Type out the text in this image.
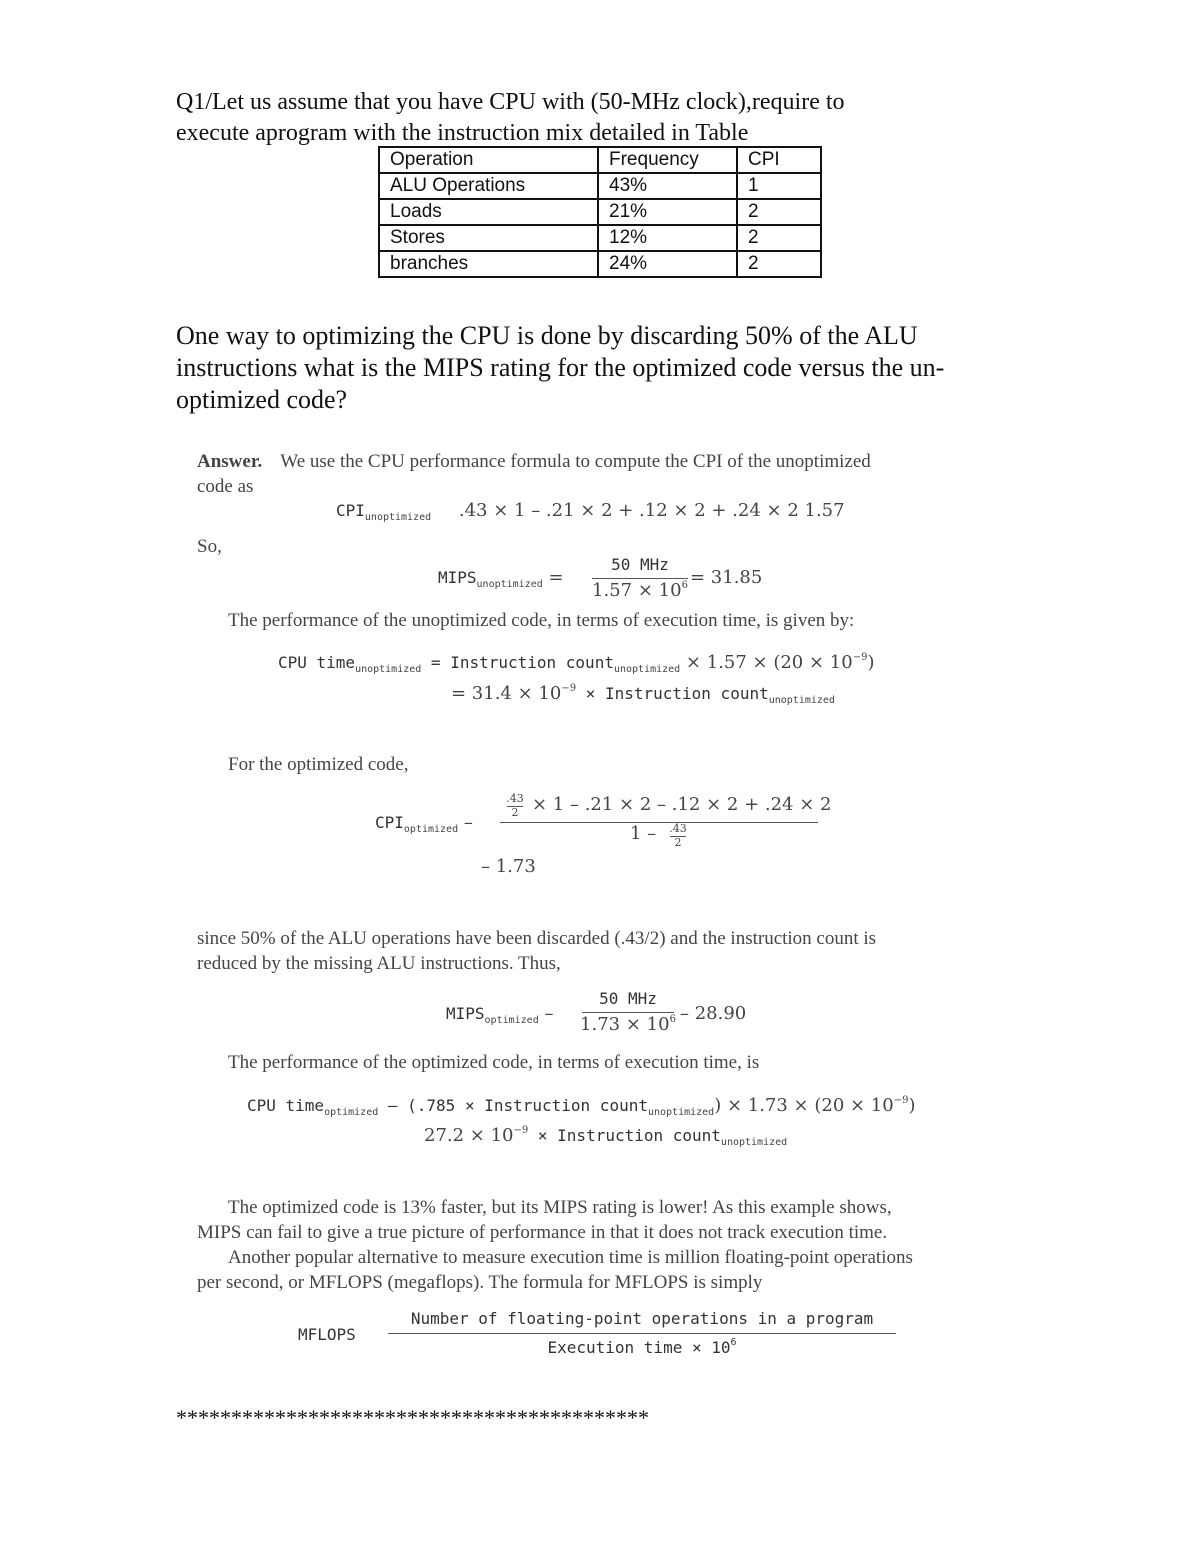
Q1/Let us assume that you have CPU with (50-MHz clock),require to
execute aprogram with the instruction mix detailed in Table
Operation	Frequency	CPI
ALU Operations	43%	1
Loads	21%	2
Stores	12%	2
branches	24%	2
One way to optimizing the CPU is done by discarding 50% of the ALU
instructions what is the MIPS rating for the optimized code versus the un-
optimized code?
Answer. We use the CPU performance formula to compute the CPI of the unoptimized
code as
$CPI_{unoptimized}$ .43 × 1 – .21 × 2 + .12 × 2 + .24 × 2 1.57
So,
$MIPS_{unoptimized}$ =
50 MHz
$1.57 \times 10^6 = 31.85$
The performance of the unoptimized code, in terms of execution time, is given by:
CPU time$_{unoptimized}$ = Instruction count$_{unoptimized}$ × $1.57 \times (20 \times 10^{-9})$
= $31.4 \times 10^{-9}$ × Instruction count$_{unoptimized}$
For the optimized code,
$CPI_{optimized}$ –
.43
2 × 1 – .21 × 2 – .12 × 2 + .24 × 2
1 – .43
2
– 1.73
since 50% of the ALU operations have been discarded (.43/2) and the instruction count is
reduced by the missing ALU instructions. Thus,
$MIPS_{optimized}$ –
50 MHz
$1.73 \times 10^6 - 28.90$
The performance of the optimized code, in terms of execution time, is
CPU time$_{optimized}$ – (.785 × Instruction count$_{unoptimized}$) × $1.73 \times (20 \times 10^{-9})$
$27.2 \times 10^{-9}$ × Instruction count$_{unoptimized}$
The optimized code is 13% faster, but its MIPS rating is lower! As this example shows,
MIPS can fail to give a true picture of performance in that it does not track execution time.
Another popular alternative to measure execution time is million floating-point operations
per second, or MFLOPS (megaflops). The formula for MFLOPS is simply
MFLOPS
Number of floating-point operations in a program
Execution time × $10^6$
*******************************************
